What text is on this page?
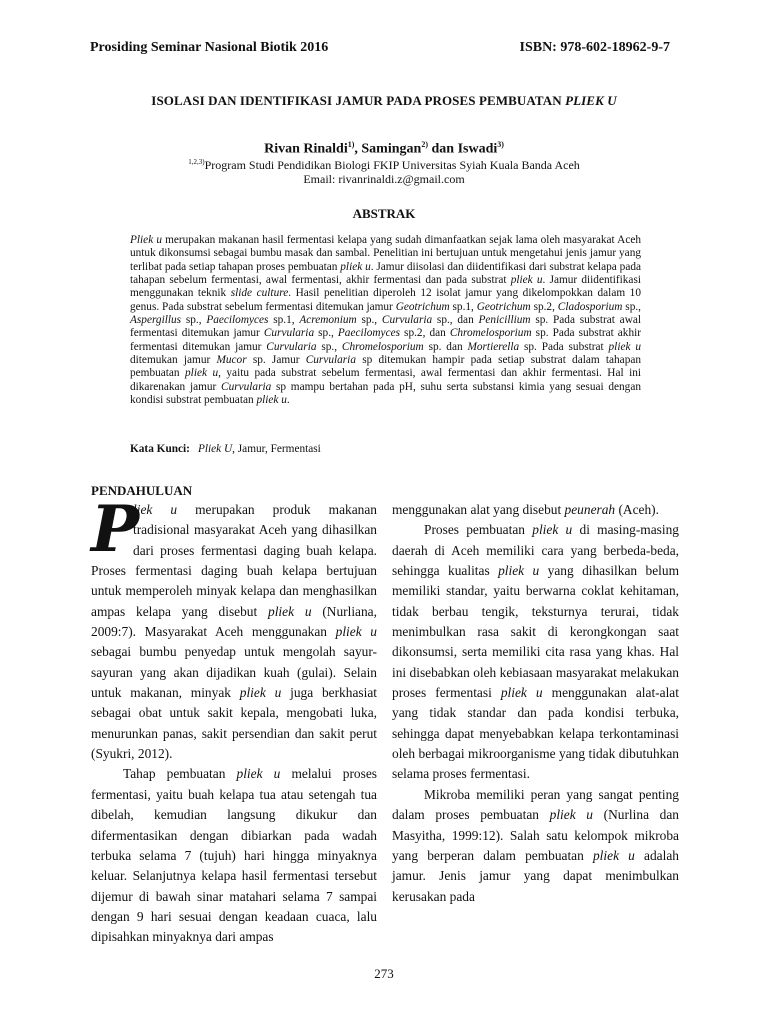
Prosiding Seminar Nasional Biotik 2016	ISBN: 978-602-18962-9-7
ISOLASI DAN IDENTIFIKASI JAMUR PADA PROSES PEMBUATAN PLIEK U
Rivan Rinaldi$^{1)}$, Samingan$^{2)}$ dan Iswadi$^{3)}$
$^{1,2,3)}$Program Studi Pendidikan Biologi FKIP Universitas Syiah Kuala Banda Aceh
Email: rivanrinaldi.z@gmail.com
ABSTRAK
Pliek u merupakan makanan hasil fermentasi kelapa yang sudah dimanfaatkan sejak lama oleh masyarakat Aceh untuk dikonsumsi sebagai bumbu masak dan sambal. Penelitian ini bertujuan untuk mengetahui jenis jamur yang terlibat pada setiap tahapan proses pembuatan pliek u. Jamur diisolasi dan diidentifikasi dari substrat kelapa pada tahapan sebelum fermentasi, awal fermentasi, akhir fermentasi dan pada substrat pliek u. Jamur diidentifikasi menggunakan teknik slide culture. Hasil penelitian diperoleh 12 isolat jamur yang dikelompokkan dalam 10 genus. Pada substrat sebelum fermentasi ditemukan jamur Geotrichum sp.1, Geotrichum sp.2, Cladosporium sp., Aspergillus sp., Paecilomyces sp.1, Acremonium sp., Curvularia sp., dan Penicillium sp. Pada substrat awal fermentasi ditemukan jamur Curvularia sp., Paecilomyces sp.2, dan Chromelosporium sp. Pada substrat akhir fermentasi ditemukan jamur Curvularia sp., Chromelosporium sp. dan Mortierella sp. Pada substrat pliek u ditemukan jamur Mucor sp. Jamur Curvularia sp ditemukan hampir pada setiap substrat dalam tahapan pembuatan pliek u, yaitu pada substrat sebelum fermentasi, awal fermentasi dan akhir fermentasi. Hal ini dikarenakan jamur Curvularia sp mampu bertahan pada pH, suhu serta substansi kimia yang sesuai dengan kondisi substrat pembuatan pliek u.
Kata Kunci: Pliek U, Jamur, Fermentasi
PENDAHULUAN

P
liek u merupakan produk makanan tradisional masyarakat Aceh yang dihasilkan dari proses fermentasi daging buah kelapa. Proses fermentasi daging buah kelapa bertujuan untuk memperoleh minyak kelapa dan menghasilkan ampas kelapa yang disebut pliek u (Nurliana, 2009:7). Masyarakat Aceh menggunakan pliek u sebagai bumbu penyedap untuk mengolah sayur-sayuran yang akan dijadikan kuah (gulai). Selain untuk makanan, minyak pliek u juga berkhasiat sebagai obat untuk sakit kepala, mengobati luka, menurunkan panas, sakit persendian dan sakit perut (Syukri, 2012).

Tahap pembuatan pliek u melalui proses fermentasi, yaitu buah kelapa tua atau setengah tua dibelah, kemudian langsung dikukur dan difermentasikan dengan dibiarkan pada wadah terbuka selama 7 (tujuh) hari hingga minyaknya keluar. Selanjutnya kelapa hasil fermentasi tersebut dijemur di bawah sinar matahari selama 7 sampai dengan 9 hari sesuai dengan keadaan cuaca, lalu dipisahkan minyaknya dari ampas

menggunakan alat yang disebut peunerah (Aceh).

Proses pembuatan pliek u di masing-masing daerah di Aceh memiliki cara yang berbeda-beda, sehingga kualitas pliek u yang dihasilkan belum memiliki standar, yaitu berwarna coklat kehitaman, tidak berbau tengik, teksturnya terurai, tidak menimbulkan rasa sakit di kerongkongan saat dikonsumsi, serta memiliki cita rasa yang khas. Hal ini disebabkan oleh kebiasaan masyarakat melakukan proses fermentasi pliek u menggunakan alat-alat yang tidak standar dan pada kondisi terbuka, sehingga dapat menyebabkan kelapa terkontaminasi oleh berbagai mikroorganisme yang tidak dibutuhkan selama proses fermentasi.

Mikroba memiliki peran yang sangat penting dalam proses pembuatan pliek u (Nurlina dan Masyitha, 1999:12). Salah satu kelompok mikroba yang berperan dalam pembuatan pliek u adalah jamur. Jenis jamur yang dapat menimbulkan kerusakan pada

273
